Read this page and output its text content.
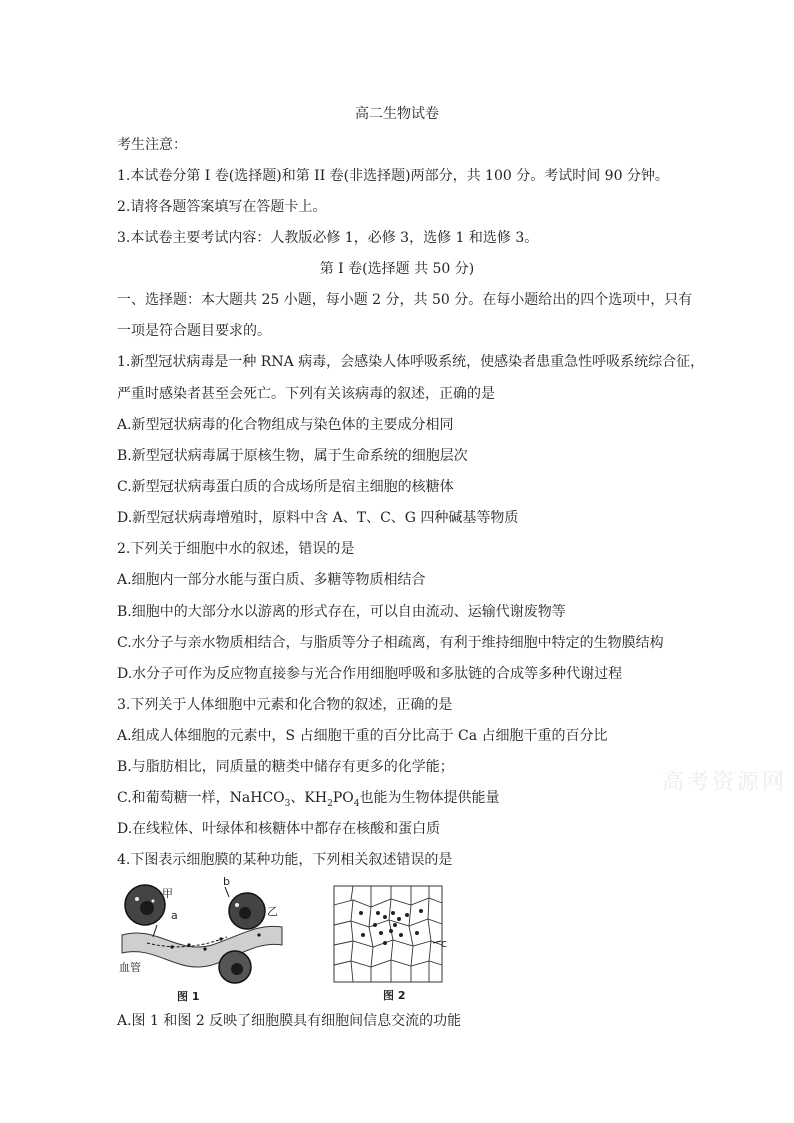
高二生物试卷
考生注意：
1.本试卷分第 I 卷(选择题)和第 II 卷(非选择题)两部分，共 100 分。考试时间 90 分钟。
2.请将各题答案填写在答题卡上。
3.本试卷主要考试内容：人教版必修 1，必修 3，选修 1 和选修 3。
第 I 卷(选择题 共 50 分)
一、选择题：本大题共 25 小题，每小题 2 分，共 50 分。在每小题给出的四个选项中，只有
一项是符合题目要求的。
1.新型冠状病毒是一种 RNA 病毒，会感染人体呼吸系统，使感染者患重急性呼吸系统综合征，
严重时感染者甚至会死亡。下列有关该病毒的叙述，正确的是
A.新型冠状病毒的化合物组成与染色体的主要成分相同
B.新型冠状病毒属于原核生物，属于生命系统的细胞层次
C.新型冠状病毒蛋白质的合成场所是宿主细胞的核糖体
D.新型冠状病毒增殖时，原料中含 A、T、C、G 四种碱基等物质
2.下列关于细胞中水的叙述，错误的是
A.细胞内一部分水能与蛋白质、多糖等物质相结合
B.细胞中的大部分水以游离的形式存在，可以自由流动、运输代谢废物等
C.水分子与亲水物质相结合，与脂质等分子相疏离，有利于维持细胞中特定的生物膜结构
D.水分子可作为反应物直接参与光合作用细胞呼吸和多肽链的合成等多种代谢过程
3.下列关于人体细胞中元素和化合物的叙述，正确的是
A.组成人体细胞的元素中，S 占细胞干重的百分比高于 Ca 占细胞干重的百分比
B.与脂肪相比，同质量的糖类中储存有更多的化学能；
C.和葡萄糖一样，NaHCO$_3$、$KH_2PO_4$也能为生物体提供能量
D.在线粒体、叶绿体和核糖体中都存在核酸和蛋白质
4.下图表示细胞膜的某种功能，下列相关叙述错误的是
甲
a
b
乙
血管
图 1
c
图 2
A.图 1 和图 2 反映了细胞膜具有细胞间信息交流的功能
高考资源网
